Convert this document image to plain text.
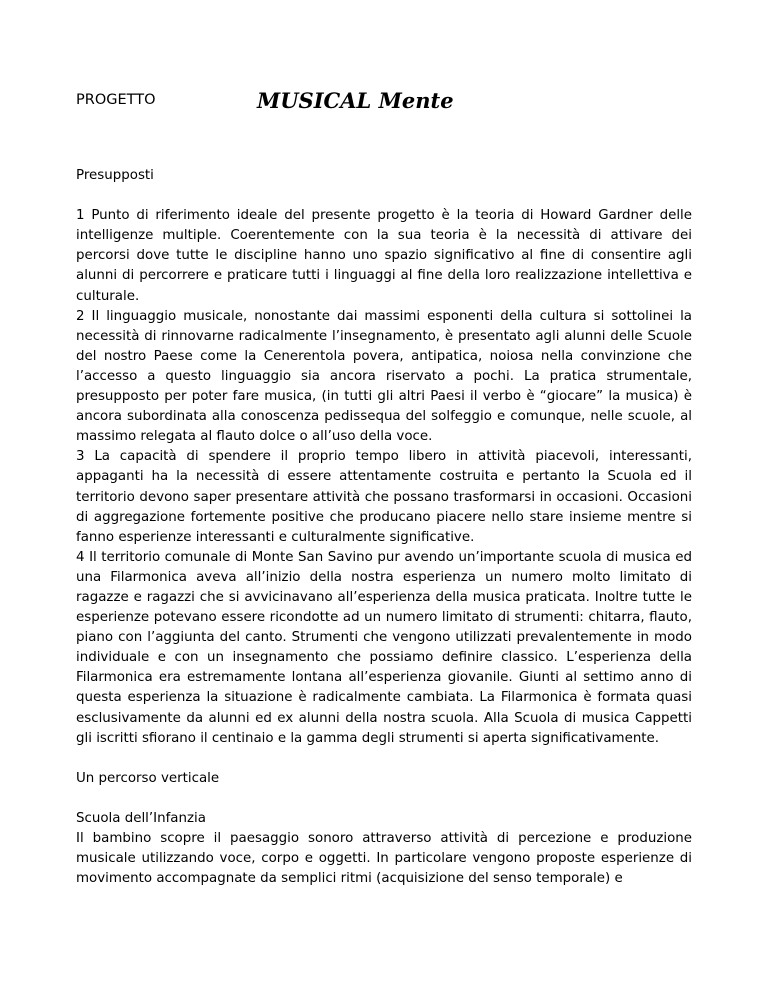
PROGETTO	MUSICAL Mente

Presupposti

1 Punto di riferimento ideale del presente progetto è la teoria di Howard Gardner delle intelligenze multiple. Coerentemente con la sua teoria è la necessità di attivare dei percorsi dove tutte le discipline hanno uno spazio significativo al fine di consentire agli alunni di percorrere e praticare tutti i linguaggi al fine della loro realizzazione intellettiva e culturale.

2 Il linguaggio musicale, nonostante dai massimi esponenti della cultura si sottolinei la necessità di rinnovarne radicalmente l’insegnamento, è presentato agli alunni delle Scuole del nostro Paese come la Cenerentola povera, antipatica, noiosa nella convinzione che l’accesso a questo linguaggio sia ancora riservato a pochi. La pratica strumentale, presupposto per poter fare musica, (in tutti gli altri Paesi il verbo è “giocare” la musica) è ancora subordinata alla conoscenza pedissequa del solfeggio e comunque, nelle scuole, al massimo relegata al flauto dolce o all’uso della voce.

3 La capacità di spendere il proprio tempo libero in attività piacevoli, interessanti, appaganti ha la necessità di essere attentamente costruita e pertanto la Scuola ed il territorio devono saper presentare attività che possano trasformarsi in occasioni. Occasioni di aggregazione fortemente positive che producano piacere nello stare insieme mentre si fanno esperienze interessanti e culturalmente significative.

4 Il territorio comunale di Monte San Savino pur avendo un’importante scuola di musica ed una Filarmonica aveva all’inizio della nostra esperienza un numero molto limitato di ragazze e ragazzi che si avvicinavano all’esperienza della musica praticata. Inoltre tutte le esperienze potevano essere ricondotte ad un numero limitato di strumenti: chitarra, flauto, piano con l’aggiunta del canto. Strumenti che vengono utilizzati prevalentemente in modo individuale e con un insegnamento che possiamo definire classico. L’esperienza della Filarmonica era estremamente lontana all’esperienza giovanile. Giunti al settimo anno di questa esperienza la situazione è radicalmente cambiata. La Filarmonica è formata quasi esclusivamente da alunni ed ex alunni della nostra scuola. Alla Scuola di musica Cappetti gli iscritti sfiorano il centinaio e la gamma degli strumenti si aperta significativamente.

Un percorso verticale

Scuola dell’Infanzia

Il bambino scopre il paesaggio sonoro attraverso attività di percezione e produzione musicale utilizzando voce, corpo e oggetti. In particolare vengono proposte esperienze di movimento accompagnate da semplici ritmi (acquisizione del senso temporale) e
